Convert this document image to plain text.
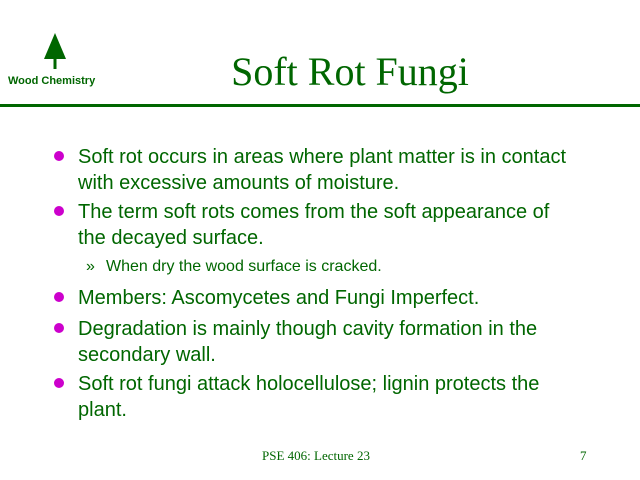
Wood Chemistry	Soft Rot Fungi
Soft rot occurs in areas where plant matter is in contact with excessive amounts of moisture.
The term soft rots comes from the soft appearance of the decayed surface.
» When dry the wood surface is cracked.
Members: Ascomycetes and Fungi Imperfect.
Degradation is mainly though cavity formation in the secondary wall.
Soft rot fungi attack holocellulose; lignin protects the plant.
PSE 406: Lecture 23	7
